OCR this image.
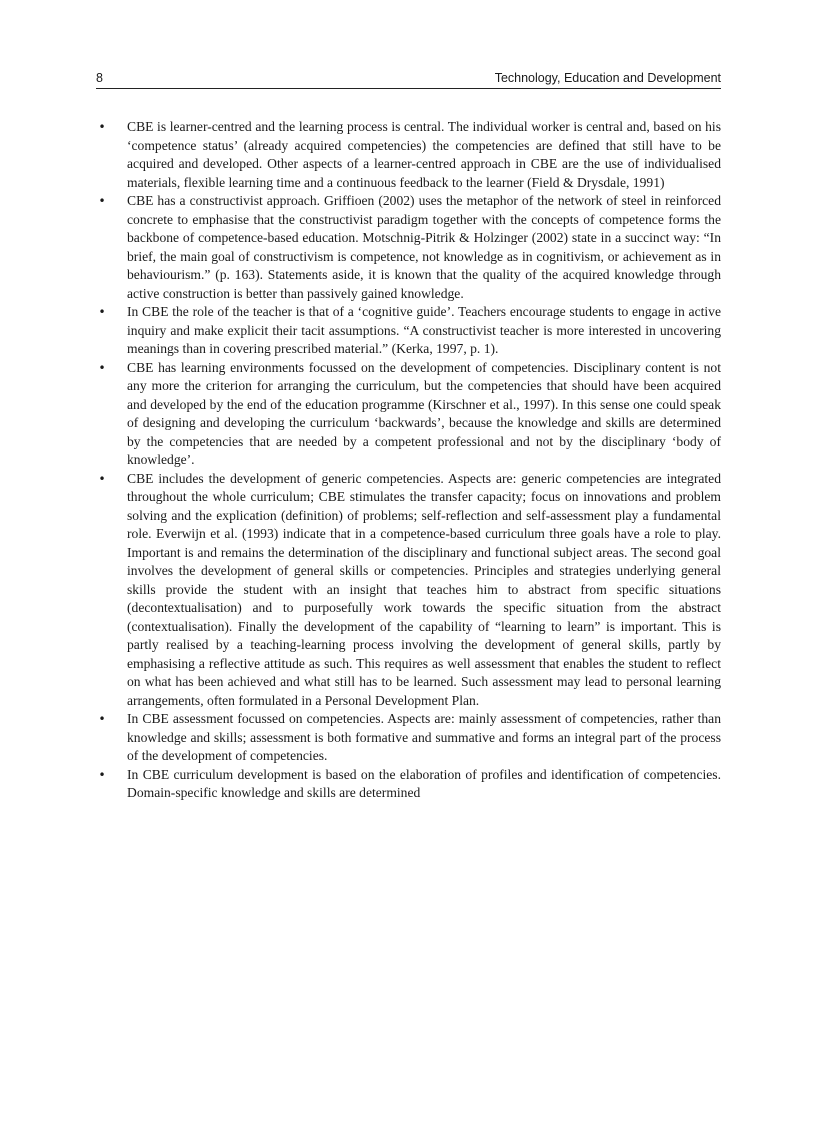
8	Technology, Education and Development
• CBE is learner-centred and the learning process is central. The individual worker is central and, based on his ‘competence status’ (already acquired competencies) the competencies are defined that still have to be acquired and developed. Other aspects of a learner-centred approach in CBE are the use of individualised materials, flexible learning time and a continuous feedback to the learner (Field & Drysdale, 1991)
• CBE has a constructivist approach. Griffioen (2002) uses the metaphor of the network of steel in reinforced concrete to emphasise that the constructivist paradigm together with the concepts of competence forms the backbone of competence-based education. Motschnig-Pitrik & Holzinger (2002) state in a succinct way: “In brief, the main goal of constructivism is competence, not knowledge as in cognitivism, or achievement as in behaviourism.” (p. 163). Statements aside, it is known that the quality of the acquired knowledge through active construction is better than passively gained knowledge.
• In CBE the role of the teacher is that of a ‘cognitive guide’. Teachers encourage students to engage in active inquiry and make explicit their tacit assumptions. “A constructivist teacher is more interested in uncovering meanings than in covering prescribed material.” (Kerka, 1997, p. 1).
• CBE has learning environments focussed on the development of competencies. Disciplinary content is not any more the criterion for arranging the curriculum, but the competencies that should have been acquired and developed by the end of the education programme (Kirschner et al., 1997). In this sense one could speak of designing and developing the curriculum ‘backwards’, because the knowledge and skills are determined by the competencies that are needed by a competent professional and not by the disciplinary ‘body of knowledge’.
• CBE includes the development of generic competencies. Aspects are: generic competencies are integrated throughout the whole curriculum; CBE stimulates the transfer capacity; focus on innovations and problem solving and the explication (definition) of problems; self-reflection and self-assessment play a fundamental role. Everwijn et al. (1993) indicate that in a competence-based curriculum three goals have a role to play. Important is and remains the determination of the disciplinary and functional subject areas. The second goal involves the development of general skills or competencies. Principles and strategies underlying general skills provide the student with an insight that teaches him to abstract from specific situations (decontextualisation) and to purposefully work towards the specific situation from the abstract (contextualisation). Finally the development of the capability of “learning to learn” is important. This is partly realised by a teaching-learning process involving the development of general skills, partly by emphasising a reflective attitude as such. This requires as well assessment that enables the student to reflect on what has been achieved and what still has to be learned. Such assessment may lead to personal learning arrangements, often formulated in a Personal Development Plan.
• In CBE assessment focussed on competencies. Aspects are: mainly assessment of competencies, rather than knowledge and skills; assessment is both formative and summative and forms an integral part of the process of the development of competencies.
• In CBE curriculum development is based on the elaboration of profiles and identification of competencies. Domain-specific knowledge and skills are determined
